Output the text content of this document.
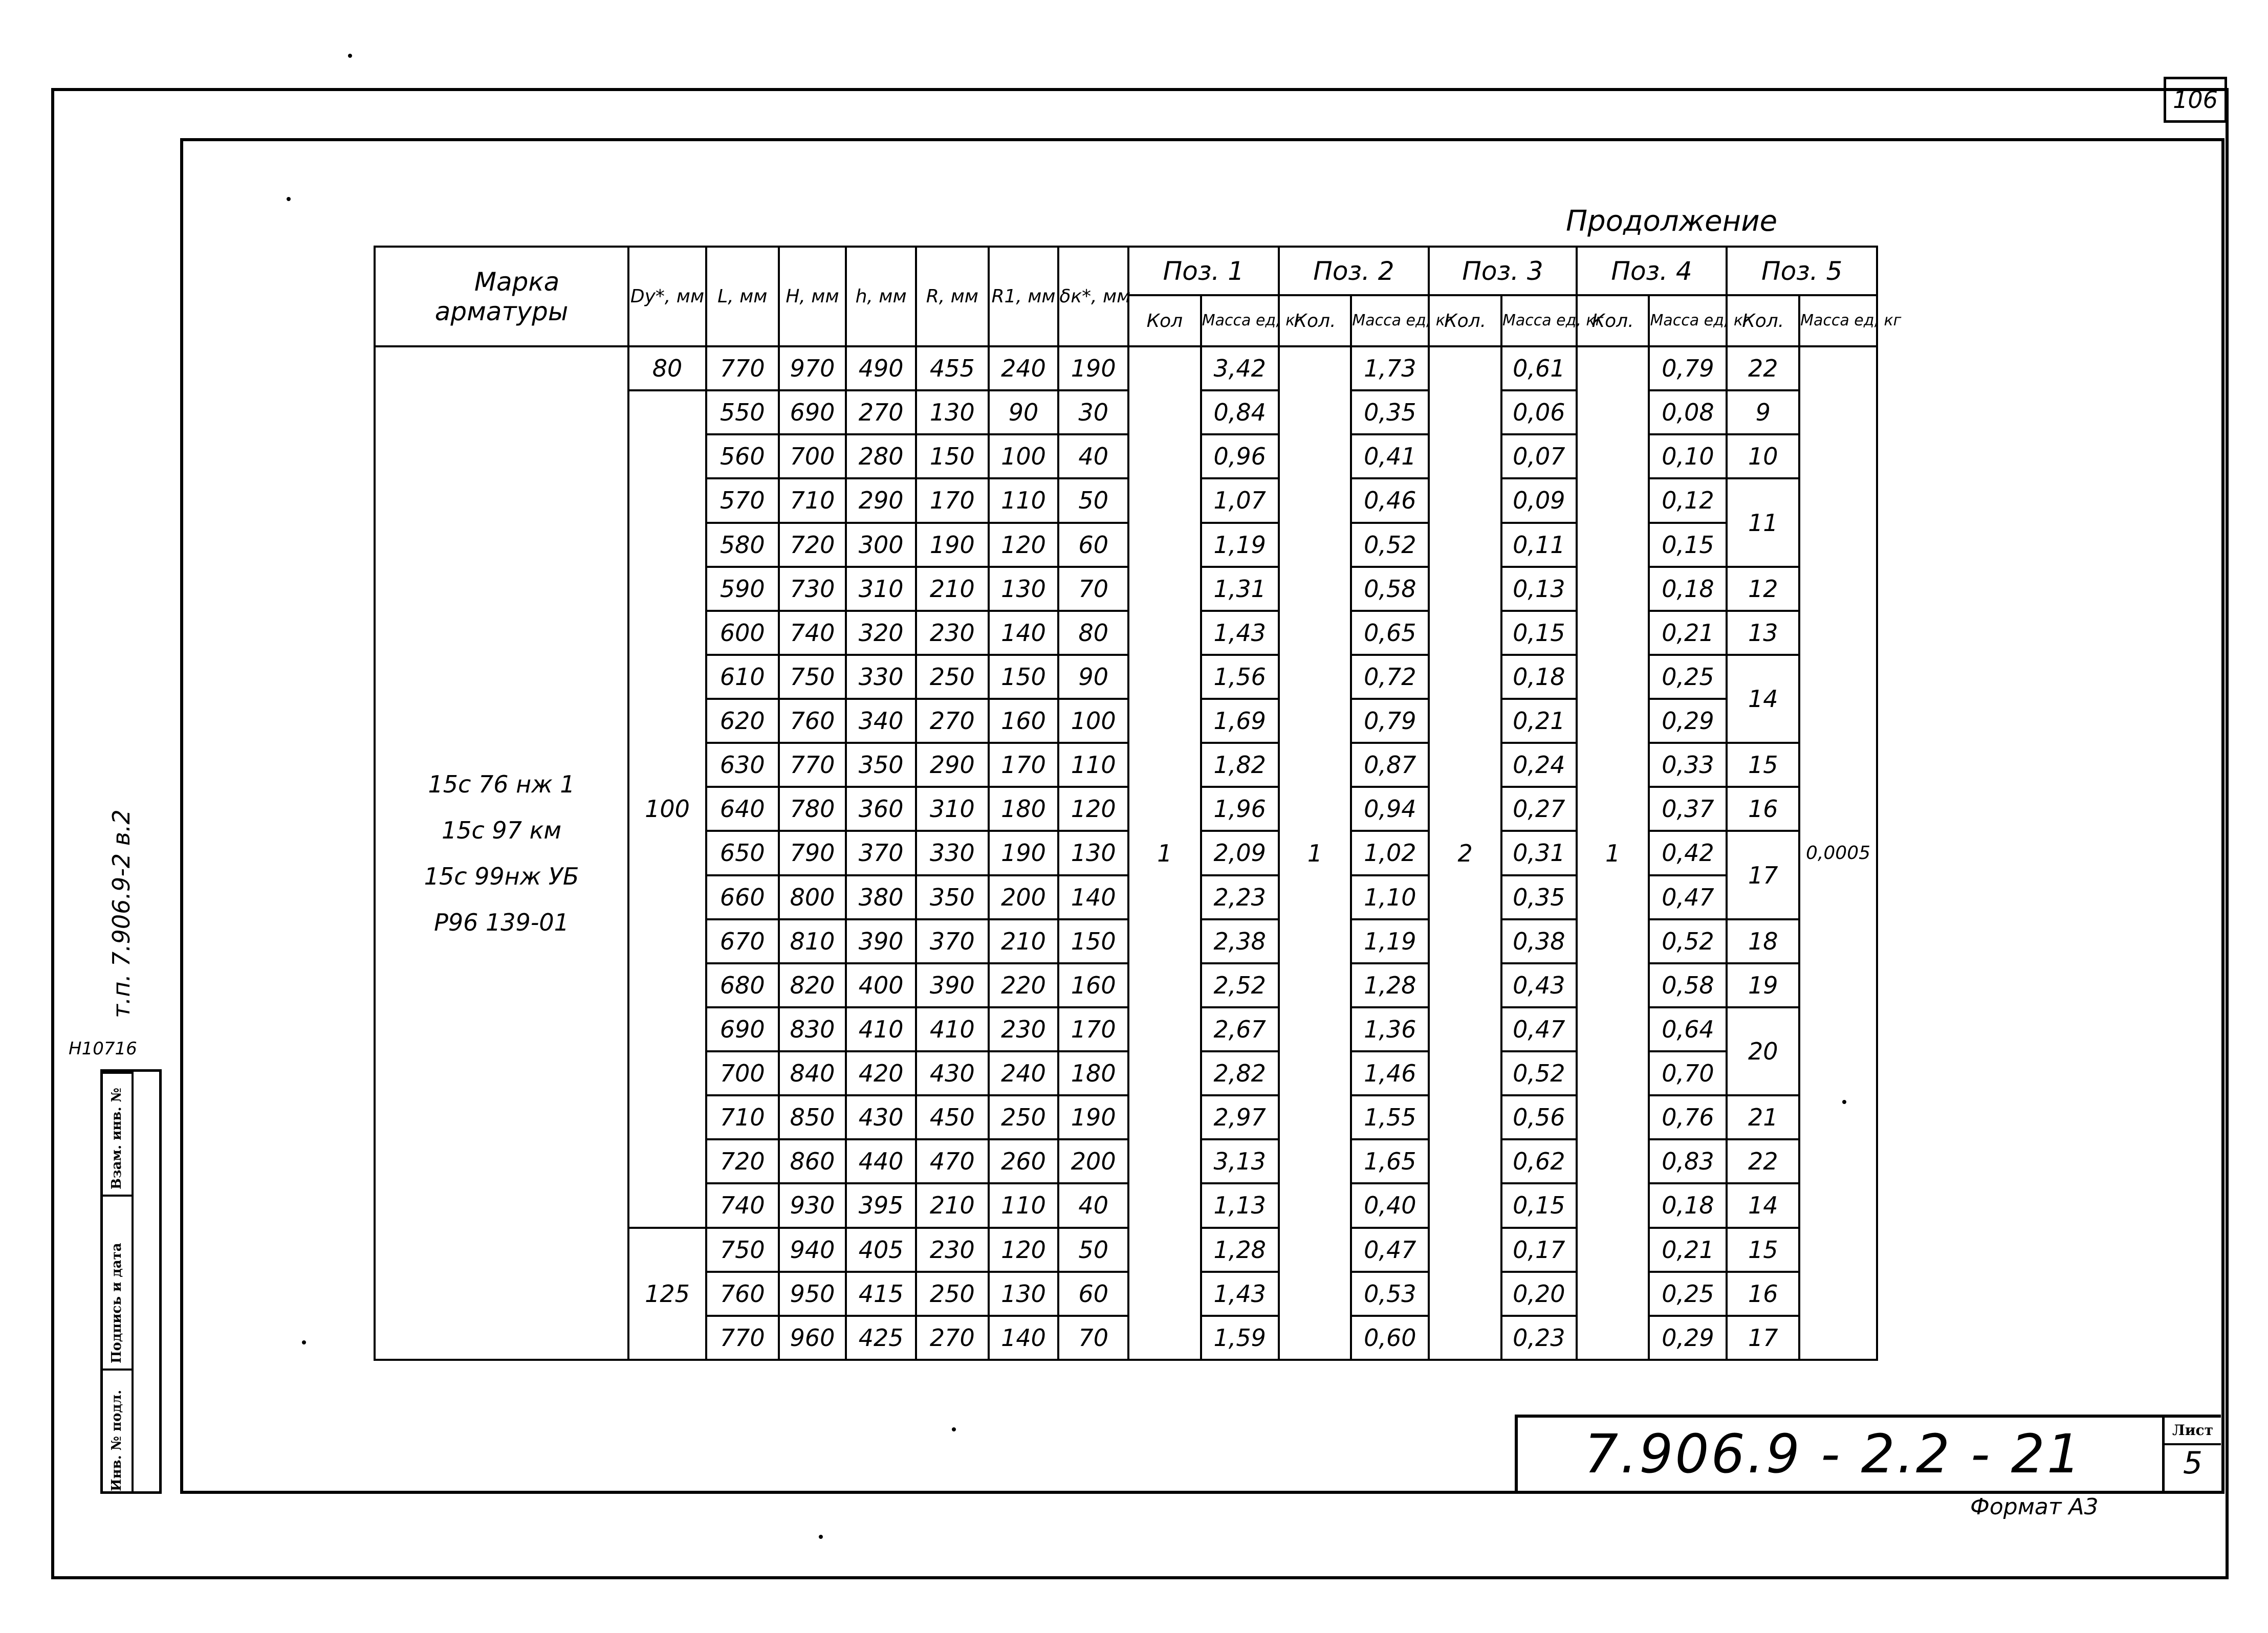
106
Продолжение
Марка
арматуры	Dy*, мм	L, мм	H, мм	h, мм	R, мм	R1, мм	δк*, мм	Поз. 1		Поз. 2		Поз. 3		Поз. 4		Поз. 5	
								Кол	Масса ед, кг	Кол.	Масса ед, кг	Кол.	Масса ед, кг	Кол.	Масса ед, кг	Кол.	Масса ед, кг

15с 76 нж 1
15с 97 км
15с 99нж УБ
Р96 139-01	80	770	970	490	455	240	190	1	3,42	1	1,73	2	0,61	1	0,79	22	0,0005
	100	550	690	270	130	90	30		0,84		0,35		0,06		0,08	9	
		560	700	280	150	100	40		0,96		0,41		0,07		0,10	10	
		570	710	290	170	110	50		1,07		0,46		0,09		0,12	11	
		580	720	300	190	120	60		1,19		0,52		0,11		0,15		
		590	730	310	210	130	70		1,31		0,58		0,13		0,18	12	
		600	740	320	230	140	80		1,43		0,65		0,15		0,21	13	
		610	750	330	250	150	90		1,56		0,72		0,18		0,25	14	
		620	760	340	270	160	100		1,69		0,79		0,21		0,29		
		630	770	350	290	170	110		1,82		0,87		0,24		0,33	15	
		640	780	360	310	180	120		1,96		0,94		0,27		0,37	16	
		650	790	370	330	190	130		2,09		1,02		0,31		0,42	17	
		660	800	380	350	200	140		2,23		1,10		0,35		0,47		
		670	810	390	370	210	150		2,38		1,19		0,38		0,52	18	
		680	820	400	390	220	160		2,52		1,28		0,43		0,58	19	
		690	830	410	410	230	170		2,67		1,36		0,47		0,64	20	
		700	840	420	430	240	180		2,82		1,46		0,52		0,70		
		710	850	430	450	250	190		2,97		1,55		0,56		0,76	21	
		720	860	440	470	260	200		3,13		1,65		0,62		0,83	22	
		740	930	395	210	110	40		1,13		0,40		0,15		0,18	14	
	125	750	940	405	230	120	50		1,28		0,47		0,17		0,21	15	
		760	950	415	250	130	60		1,43		0,53		0,20		0,25	16	
		770	960	425	270	140	70		1,59		0,60		0,23		0,29	17	
Взам. инв. №
Подпись и дата
Инв. № подл.
т.п. 7.906.9-2 в.2
Н10716
7.906.9 - 2.2 - 21	Лист
5
Формат А3
